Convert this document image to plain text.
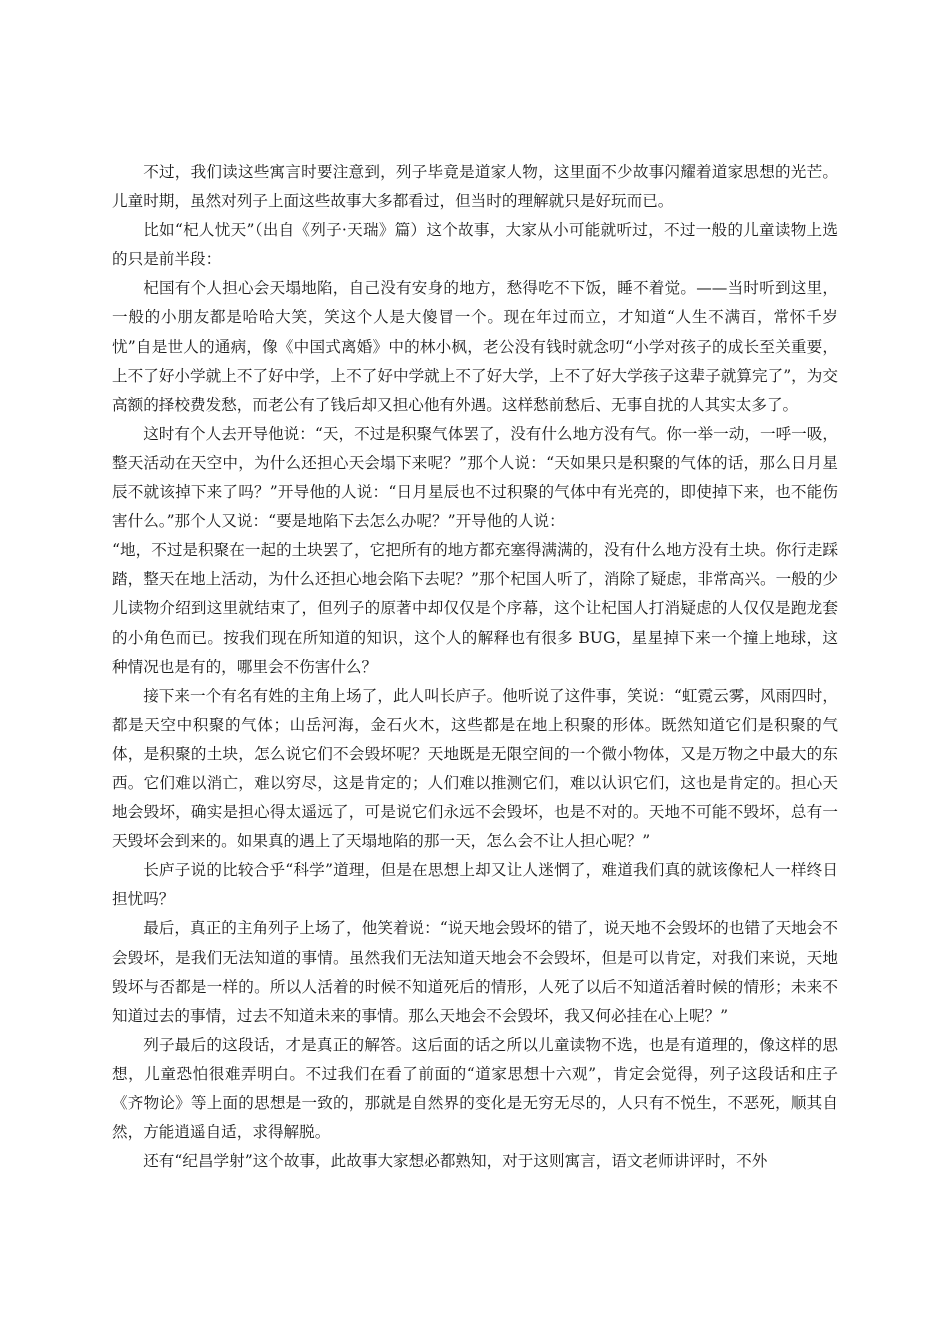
不过，我们读这些寓言时要注意到，列子毕竟是道家人物，这里面不少故事闪耀着道家思想的光芒。儿童时期，虽然对列子上面这些故事大多都看过，但当时的理解就只是好玩而已。

比如“杞人忧天”（出自《列子·天瑞》篇）这个故事，大家从小可能就听过，不过一般的儿童读物上选的只是前半段：

杞国有个人担心会天塌地陷，自己没有安身的地方，愁得吃不下饭，睡不着觉。——当时听到这里，一般的小朋友都是哈哈大笑，笑这个人是大傻冒一个。现在年过而立，才知道“人生不满百，常怀千岁忧”自是世人的通病，像《中国式离婚》中的林小枫，老公没有钱时就念叨“小学对孩子的成长至关重要，上不了好小学就上不了好中学，上不了好中学就上不了好大学，上不了好大学孩子这辈子就算完了”，为交高额的择校费发愁，而老公有了钱后却又担心他有外遇。这样愁前愁后、无事自扰的人其实太多了。

这时有个人去开导他说：“天，不过是积聚气体罢了，没有什么地方没有气。你一举一动，一呼一吸，整天活动在天空中，为什么还担心天会塌下来呢？”那个人说：“天如果只是积聚的气体的话，那么日月星辰不就该掉下来了吗？”开导他的人说：“日月星辰也不过积聚的气体中有光亮的，即使掉下来，也不能伤害什么。”那个人又说：“要是地陷下去怎么办呢？”开导他的人说：
“地，不过是积聚在一起的土块罢了，它把所有的地方都充塞得满满的，没有什么地方没有土块。你行走踩踏，整天在地上活动，为什么还担心地会陷下去呢？”那个杞国人听了，消除了疑虑，非常高兴。一般的少儿读物介绍到这里就结束了，但列子的原著中却仅仅是个序幕，这个让杞国人打消疑虑的人仅仅是跑龙套的小角色而已。按我们现在所知道的知识，这个人的解释也有很多 BUG，星星掉下来一个撞上地球，这种情况也是有的，哪里会不伤害什么？

接下来一个有名有姓的主角上场了，此人叫长庐子。他听说了这件事，笑说：“虹霓云雾，风雨四时，都是天空中积聚的气体；山岳河海，金石火木，这些都是在地上积聚的形体。既然知道它们是积聚的气体，是积聚的土块，怎么说它们不会毁坏呢？天地既是无限空间的一个微小物体，又是万物之中最大的东西。它们难以消亡，难以穷尽，这是肯定的；人们难以推测它们，难以认识它们，这也是肯定的。担心天地会毁坏，确实是担心得太遥远了，可是说它们永远不会毁坏，也是不对的。天地不可能不毁坏，总有一天毁坏会到来的。如果真的遇上了天塌地陷的那一天，怎么会不让人担心呢？”

长庐子说的比较合乎“科学”道理，但是在思想上却又让人迷惘了，难道我们真的就该像杞人一样终日担忧吗？

最后，真正的主角列子上场了，他笑着说：“说天地会毁坏的错了，说天地不会毁坏的也错了天地会不会毁坏，是我们无法知道的事情。虽然我们无法知道天地会不会毁坏，但是可以肯定，对我们来说，天地毁坏与否都是一样的。所以人活着的时候不知道死后的情形，人死了以后不知道活着时候的情形；未来不知道过去的事情，过去不知道未来的事情。那么天地会不会毁坏，我又何必挂在心上呢？”

列子最后的这段话，才是真正的解答。这后面的话之所以儿童读物不选，也是有道理的，像这样的思想，儿童恐怕很难弄明白。不过我们在看了前面的“道家思想十六观”，肯定会觉得，列子这段话和庄子《齐物论》等上面的思想是一致的，那就是自然界的变化是无穷无尽的，人只有不悦生，不恶死，顺其自然，方能逍遥自适，求得解脱。

还有“纪昌学射”这个故事，此故事大家想必都熟知，对于这则寓言，语文老师讲评时，不外
